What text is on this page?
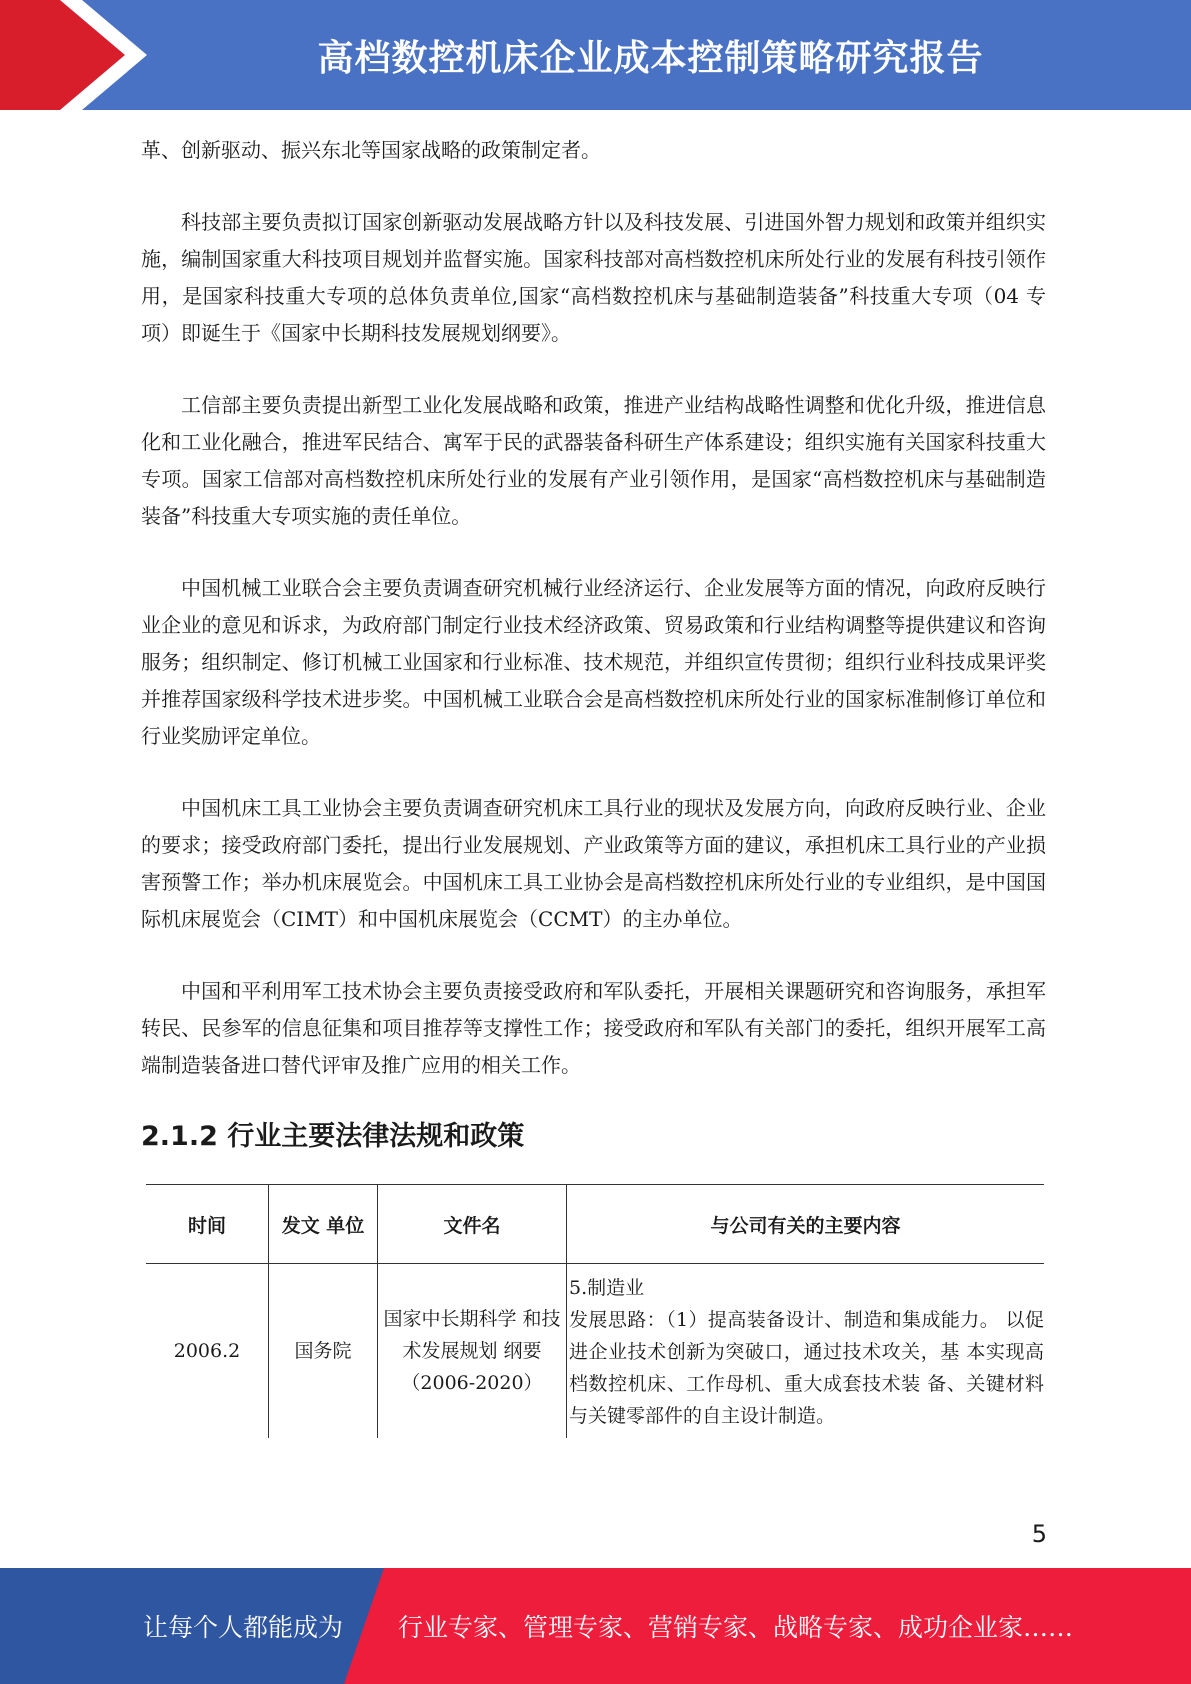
高档数控机床企业成本控制策略研究报告

革、创新驱动、振兴东北等国家战略的政策制定者。

科技部主要负责拟订国家创新驱动发展战略方针以及科技发展、引进国外智力规划和政策并组织实施，编制国家重大科技项目规划并监督实施。国家科技部对高档数控机床所处行业的发展有科技引领作用，是国家科技重大专项的总体负责单位,国家“高档数控机床与基础制造装备”科技重大专项（04 专项）即诞生于《国家中长期科技发展规划纲要》。

工信部主要负责提出新型工业化发展战略和政策，推进产业结构战略性调整和优化升级，推进信息化和工业化融合，推进军民结合、寓军于民的武器装备科研生产体系建设；组织实施有关国家科技重大专项。国家工信部对高档数控机床所处行业的发展有产业引领作用，是国家“高档数控机床与基础制造装备”科技重大专项实施的责任单位。

中国机械工业联合会主要负责调查研究机械行业经济运行、企业发展等方面的情况，向政府反映行业企业的意见和诉求，为政府部门制定行业技术经济政策、贸易政策和行业结构调整等提供建议和咨询服务；组织制定、修订机械工业国家和行业标准、技术规范，并组织宣传贯彻；组织行业科技成果评奖并推荐国家级科学技术进步奖。中国机械工业联合会是高档数控机床所处行业的国家标准制修订单位和行业奖励评定单位。

中国机床工具工业协会主要负责调查研究机床工具行业的现状及发展方向，向政府反映行业、企业的要求；接受政府部门委托，提出行业发展规划、产业政策等方面的建议，承担机床工具行业的产业损害预警工作；举办机床展览会。中国机床工具工业协会是高档数控机床所处行业的专业组织，是中国国际机床展览会（CIMT）和中国机床展览会（CCMT）的主办单位。

中国和平利用军工技术协会主要负责接受政府和军队委托，开展相关课题研究和咨询服务，承担军转民、民参军的信息征集和项目推荐等支撑性工作；接受政府和军队有关部门的委托，组织开展军工高端制造装备进口替代评审及推广应用的相关工作。

2.1.2 行业主要法律法规和政策
时间	发文 单位	文件名	与公司有关的主要内容
2006.2	国务院	国家中长期科学 和技术发展规划 纲要（2006-2020）	5.制造业
发展思路：（1）提高装备设计、制造和集成能力。 以促进企业技术创新为突破口，通过技术攻关，基 本实现高档数控机床、工作母机、重大成套技术装 备、关键材料与关键零部件的自主设计制造。
5
让每个人都能成为 行业专家、管理专家、营销专家、战略专家、成功企业家……
